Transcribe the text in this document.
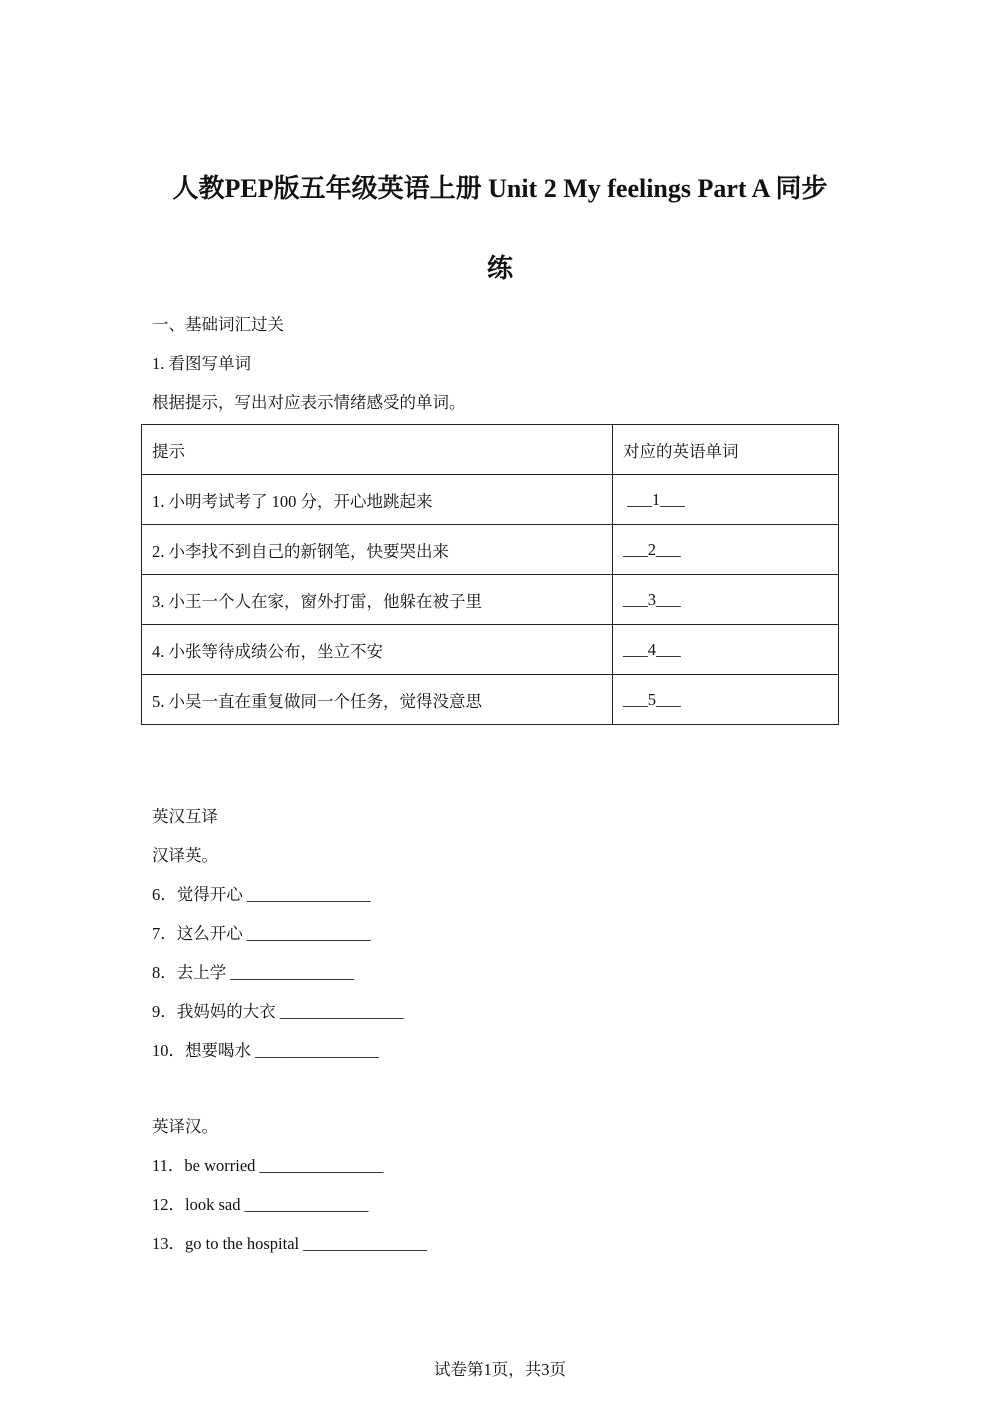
人教PEP版五年级英语上册 Unit 2 My feelings Part A 同步
练
一、基础词汇过关
1. 看图写单词
根据提示，写出对应表示情绪感受的单词。
提示	对应的英语单词
1. 小明考试考了 100 分，开心地跳起来	___1___
2. 小李找不到自己的新钢笔，快要哭出来	___2___
3. 小王一个人在家，窗外打雷，他躲在被子里	___3___
4. 小张等待成绩公布，坐立不安	___4___
5. 小吴一直在重复做同一个任务，觉得没意思	___5___
英汉互译
汉译英。
6．觉得开心 _______________
7．这么开心 _______________
8．去上学 _______________
9．我妈妈的大衣 _______________
10．想要喝水 _______________
英译汉。
11．be worried _______________
12．look sad _______________
13．go to the hospital _______________
试卷第1页，共3页
